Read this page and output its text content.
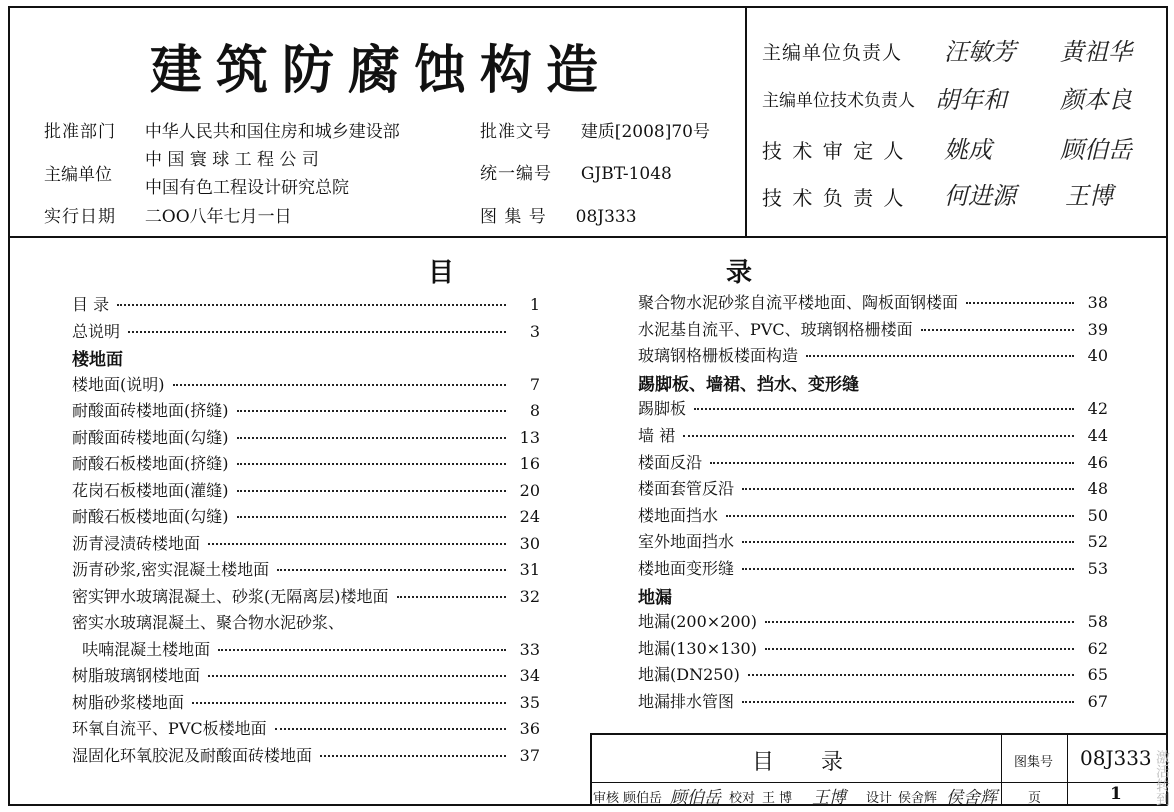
建筑防腐蚀构造
批准部门 中华人民共和国住房和城乡建设部
主编单位
中 国 寰 球 工 程 公 司
中国有色工程设计研究总院
实行日期 二OO八年七月一日
批准文号 建质[2008]70号
统一编号 GJBT-1048
图 集 号 08J333
主编单位负责人 汪敏芳 黄祖华
主编单位技术负责人 胡年和 颜本良
技 术 审 定 人 姚成	顾伯岳
技 术 负 责 人 何进源 王博
目	录
目 录	1
总说明	3
楼地面
楼地面(说明)	7
耐酸面砖楼地面(挤缝)	8
耐酸面砖楼地面(勾缝)	13
耐酸石板楼地面(挤缝)	16
花岗石板楼地面(灌缝)	20
耐酸石板楼地面(勾缝)	24
沥青浸渍砖楼地面	30
沥青砂浆,密实混凝土楼地面	31
密实钾水玻璃混凝土、砂浆(无隔离层)楼地面	32
密实水玻璃混凝土、聚合物水泥砂浆、
呋喃混凝土楼地面	33
树脂玻璃钢楼地面	34
树脂砂浆楼地面	35
环氧自流平、PVC板楼地面	36
湿固化环氧胶泥及耐酸面砖楼地面	37
聚合物水泥砂浆自流平楼地面、陶板面钢楼面	38
水泥基自流平、PVC、玻璃钢格栅楼面	39
玻璃钢格栅板楼面构造	40
踢脚板、墙裙、挡水、变形缝
踢脚板	42
墙 裙	44
楼面反沿	46
楼面套管反沿	48
楼地面挡水	50
室外地面挡水	52
楼地面变形缝	53
地漏
地漏(200×200)	58
地漏(130×130)	62
地漏(DN250)	65
地漏排水管图	67
目 录	图集号 08J333
页	1
审核 顾伯岳 顾伯岳 校对 王 博 王博 设计 侯舍辉 侯舍辉	激活转到
